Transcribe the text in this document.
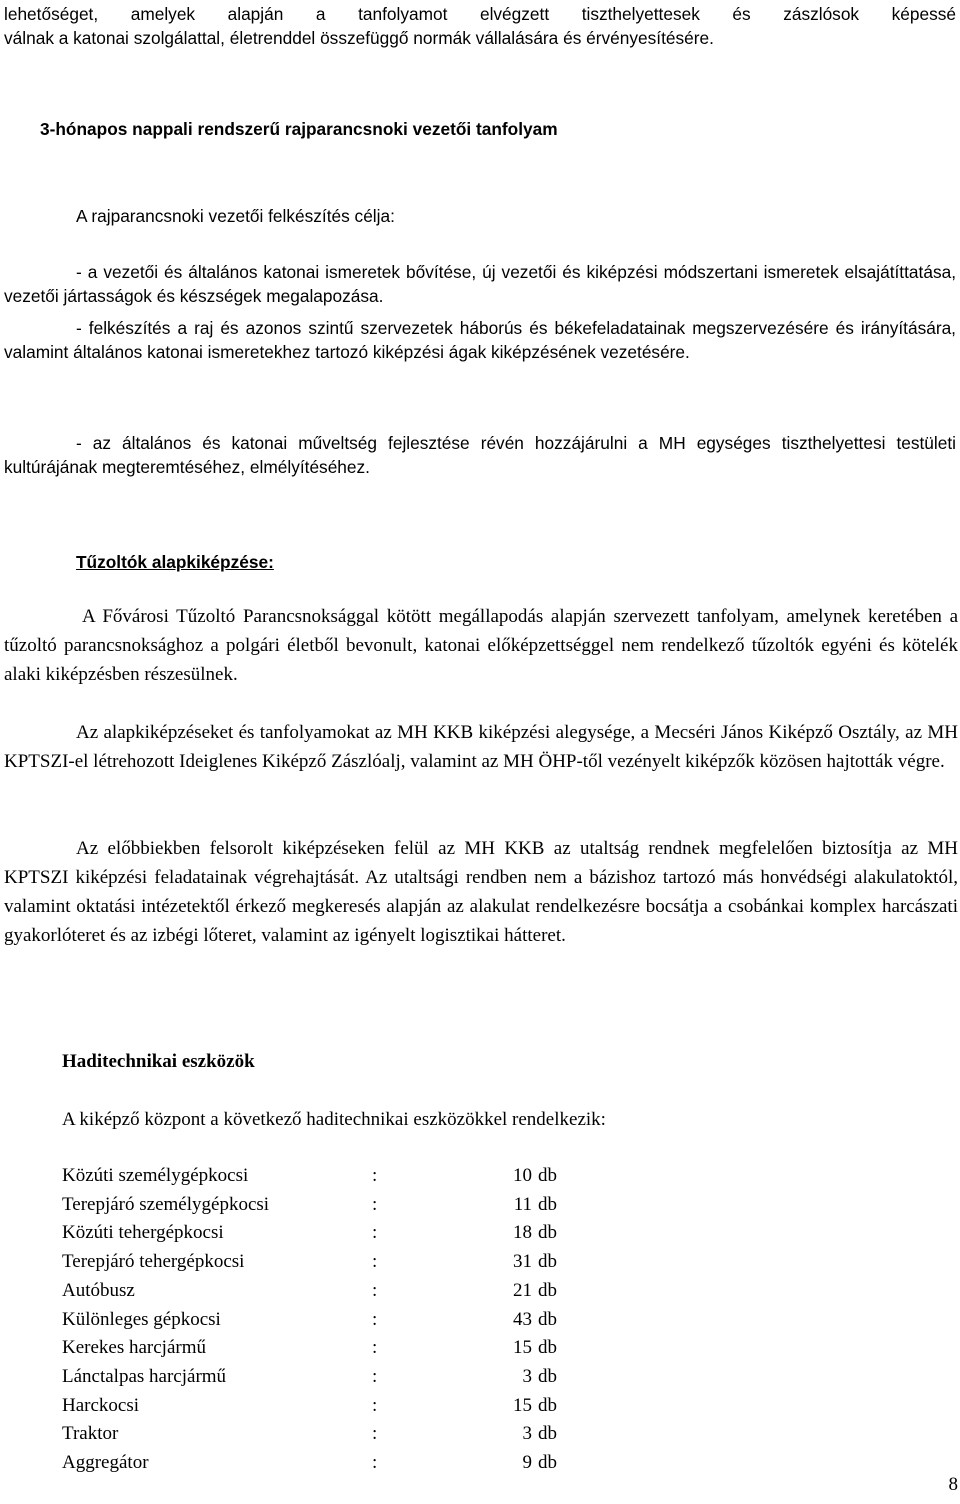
lehetőséget, amelyek alapján a tanfolyamot elvégzett tiszthelyettesek és zászlósok képessé
válnak a katonai szolgálattal, életrenddel összefüggő normák vállalására és érvényesítésére.
3-hónapos nappali rendszerű rajparancsnoki vezetői tanfolyam
A rajparancsnoki vezetői felkészítés célja:
- a vezetői és általános katonai ismeretek bővítése, új vezetői és kiképzési módszertani ismeretek elsajátíttatása, vezetői jártasságok és készségek megalapozása.
- felkészítés a raj és azonos szintű szervezetek háborús és békefeladatainak megszervezésére és irányítására, valamint általános katonai ismeretekhez tartozó kiképzési ágak kiképzésének vezetésére.
- az általános és katonai műveltség fejlesztése révén hozzájárulni a MH egységes tiszthelyettesi testületi kultúrájának megteremtéséhez, elmélyítéséhez.
Tűzoltók alapkiképzése:
A Fővárosi Tűzoltó Parancsnoksággal kötött megállapodás alapján szervezett tanfolyam, amelynek keretében a tűzoltó parancsnoksághoz a polgári életből bevonult, katonai előképzettséggel nem rendelkező tűzoltók egyéni és kötelék alaki kiképzésben részesülnek.
Az alapkiképzéseket és tanfolyamokat az MH KKB kiképzési alegysége, a Mecséri János Kiképző Osztály, az MH KPTSZI-el létrehozott Ideiglenes Kiképző Zászlóalj, valamint az MH ÖHP-től vezényelt kiképzők közösen hajtották végre.
Az előbbiekben felsorolt kiképzéseken felül az MH KKB az utaltság rendnek megfelelően biztosítja az MH KPTSZI kiképzési feladatainak végrehajtását. Az utaltsági rendben nem a bázishoz tartozó más honvédségi alakulatoktól, valamint oktatási intézetektől érkező megkeresés alapján az alakulat rendelkezésre bocsátja a csobánkai komplex harcászati gyakorlóteret és az izbégi lőteret, valamint az igényelt logisztikai hátteret.
Haditechnikai eszközök
A kiképző központ a következő haditechnikai eszközökkel rendelkezik:
Közúti személygépkocsi	:	10	db
Terepjáró személygépkocsi	:	11	db
Közúti tehergépkocsi	:	18	db
Terepjáró tehergépkocsi	:	31	db
Autóbusz	:	21	db
Különleges gépkocsi	:	43	db
Kerekes harcjármű	:	15	db
Lánctalpas harcjármű	:	3	db
Harckocsi	:	15	db
Traktor	:	3	db
Aggregátor	:	9	db
8
